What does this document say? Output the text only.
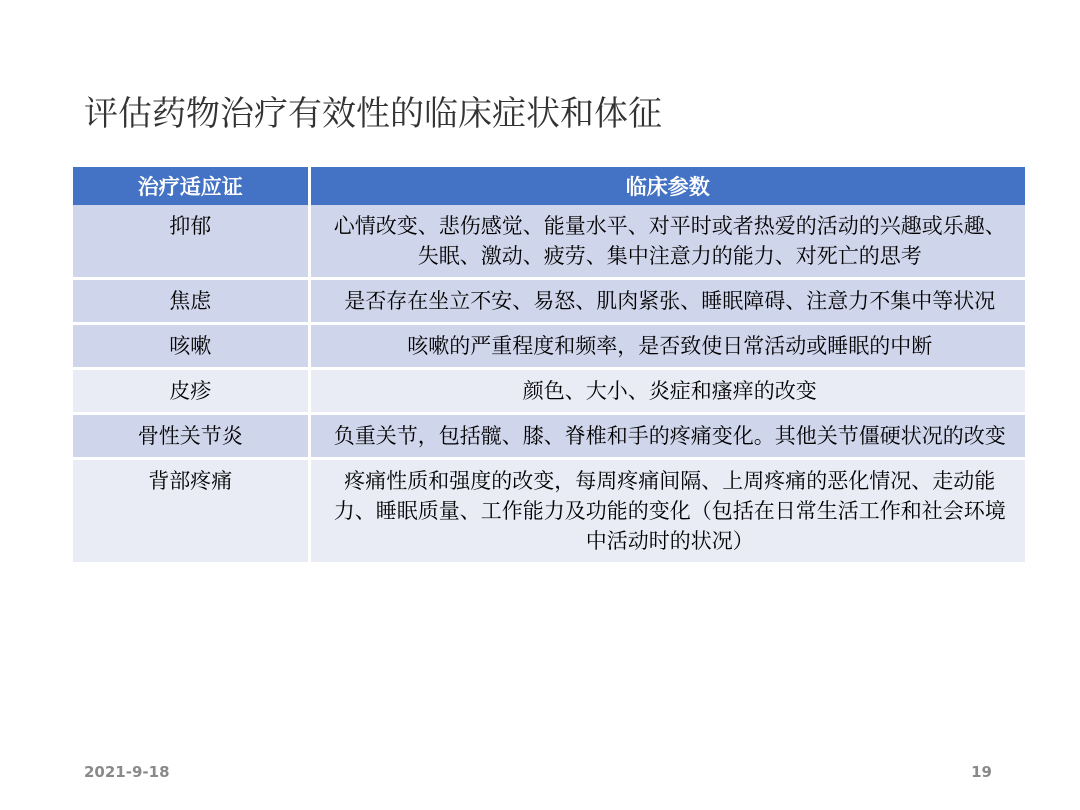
评估药物治疗有效性的临床症状和体征
治疗适应证	临床参数
抑郁	心情改变、悲伤感觉、能量水平、对平时或者热爱的活动的兴趣或乐趣、失眠、激动、疲劳、集中注意力的能力、对死亡的思考
焦虑	是否存在坐立不安、易怒、肌肉紧张、睡眠障碍、注意力不集中等状况
咳嗽	咳嗽的严重程度和频率，是否致使日常活动或睡眠的中断
皮疹	颜色、大小、炎症和瘙痒的改变
骨性关节炎	负重关节，包括髋、膝、脊椎和手的疼痛变化。其他关节僵硬状况的改变
背部疼痛	疼痛性质和强度的改变，每周疼痛间隔、上周疼痛的恶化情况、走动能力、睡眠质量、工作能力及功能的变化（包括在日常生活工作和社会环境中活动时的状况）
2021-9-18	19
